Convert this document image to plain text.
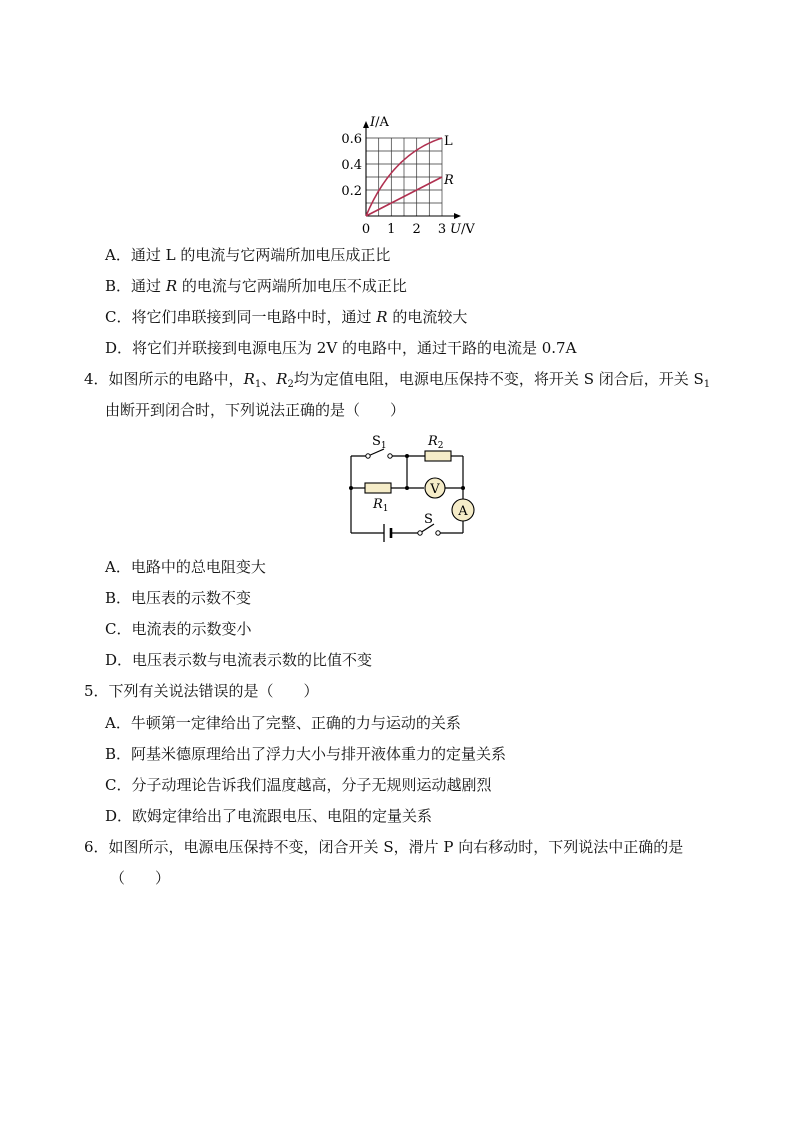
I/A
0.6
0.4
0.2
0 1 2 3 U/V
L
R
A．通过 L 的电流与它两端所加电压成正比
B．通过 R 的电流与它两端所加电压不成正比
C．将它们串联接到同一电路中时，通过 R 的电流较大
D．将它们并联接到电源电压为 2V 的电路中，通过干路的电流是 0.7A
4．如图所示的电路中，$R_1$、$R_2$均为定值电阻，电源电压保持不变，将开关 S 闭合后，开关 $S_1$
由断开到闭合时，下列说法正确的是（　　）
V
A
$S_1$	$R_2$
$R_1$
S
A．电路中的总电阻变大
B．电压表的示数不变
C．电流表的示数变小
D．电压表示数与电流表示数的比值不变
5．下列有关说法错误的是（　　）
A．牛顿第一定律给出了完整、正确的力与运动的关系
B．阿基米德原理给出了浮力大小与排开液体重力的定量关系
C．分子动理论告诉我们温度越高，分子无规则运动越剧烈
D．欧姆定律给出了电流跟电压、电阻的定量关系
6．如图所示，电源电压保持不变，闭合开关 S，滑片 P 向右移动时，下列说法中正确的是
（　　）
